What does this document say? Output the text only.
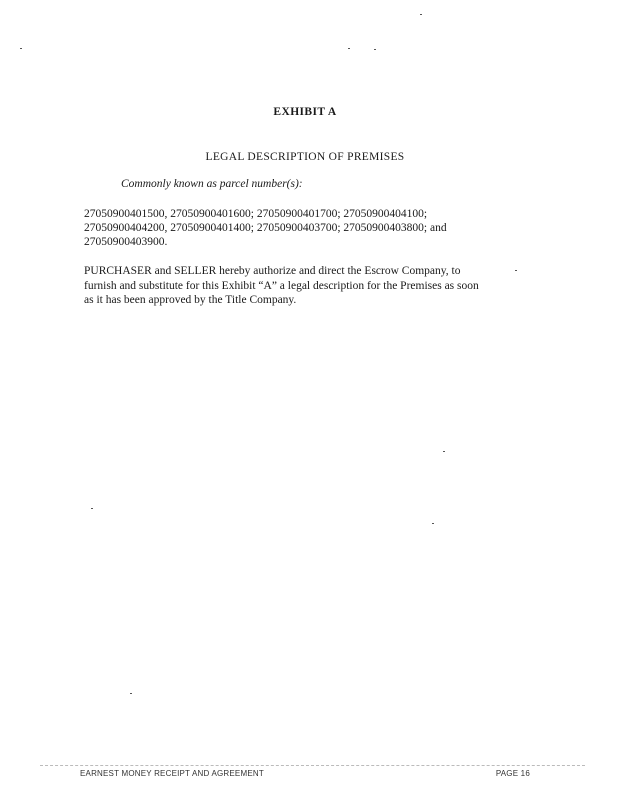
EXHIBIT A
LEGAL DESCRIPTION OF PREMISES
Commonly known as parcel number(s):
27050900401500, 27050900401600; 27050900401700; 27050900404100;
27050900404200, 27050900401400; 27050900403700; 27050900403800; and
27050900403900.
PURCHASER and SELLER hereby authorize and direct the Escrow Company, to
furnish and substitute for this Exhibit “A” a legal description for the Premises as soon
as it has been approved by the Title Company.
EARNEST MONEY RECEIPT AND AGREEMENT	PAGE 16
